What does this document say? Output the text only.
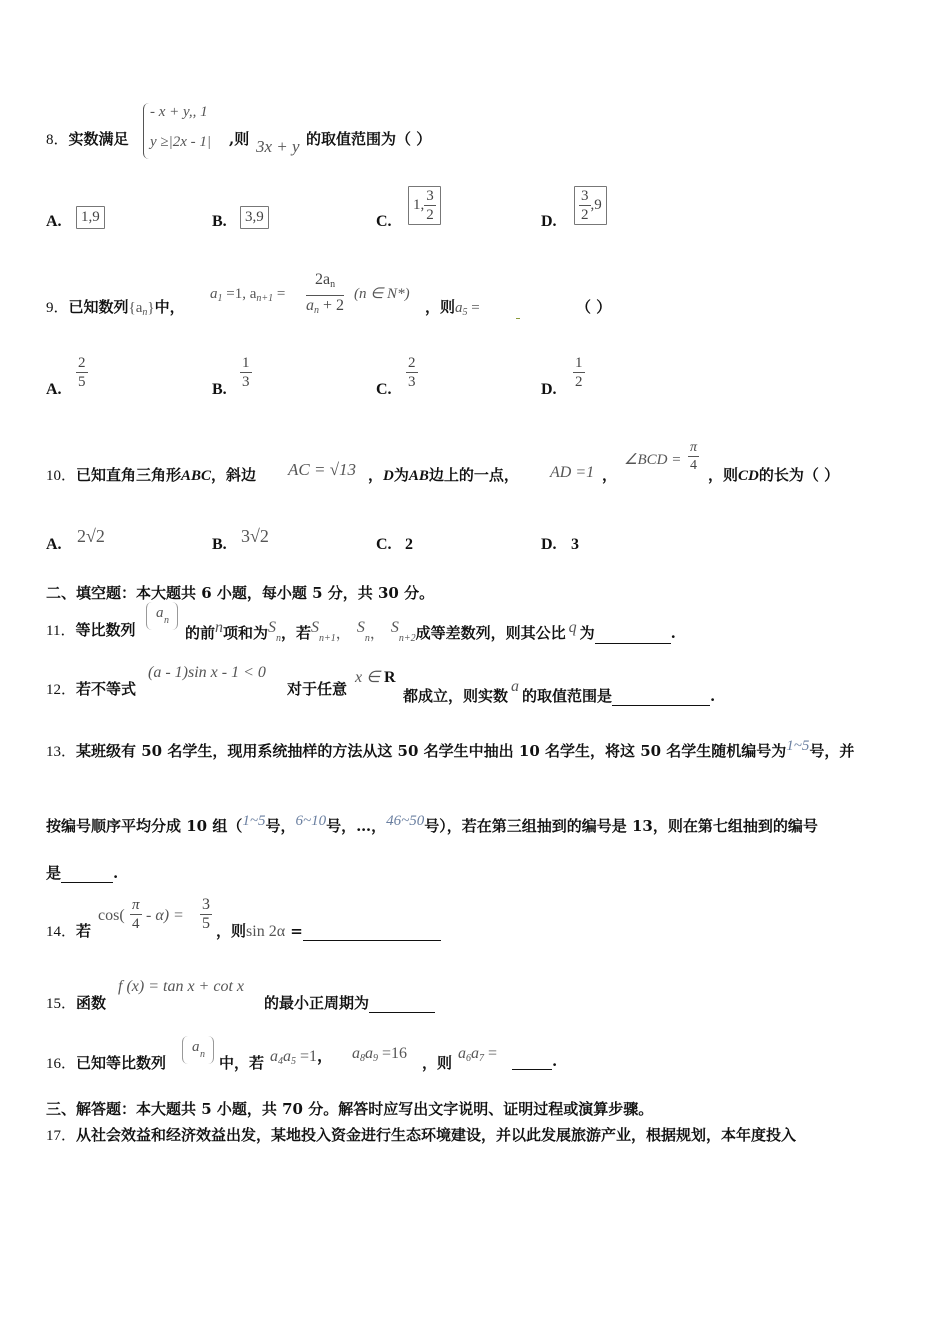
8．实数满足
- x + y,, 1
y ≥|2x - 1| ,则 3x + y 的取值范围为（ ）
A.	1,9	B.	3,9	C.
1, $\frac{3}{2}$	D. $\frac{3}{2} ,9$
9．已知数列$\{a_n\}$中，
$a_1 =1$, $a_{n+1} = \frac{2a_n}{a_n + 2} (n$ ∈ N*)
，则$a_5$ =	（ ）
A. $\frac{2}{5}$	B. $\frac{1}{3}$	C. $\frac{2}{3}$	D. $\frac{1}{2}$
10．已知直角三角形ABC，斜边 AC = √13 ，D为AB边上的一点， AD =1 ，
∠BCD = $\frac{\pi}{4}$ ，则CD的长为（ ）
A. 2√2	B. 3√2	C. 2	D. 3
二、填空题：本大题共 6 小题，每小题 5 分，共 30 分。
11．等比数列
a n
的前n项和为$S_n$，若$S_{n+1}$， $S_n$， $S_{n+2}$成等差数列，则其公比 q 为	.
12．若不等式
(a - 1)sin x - 1 < 0
对于任意
x ∈ R
都成立，则实数a的取值范围是	.
13．某班级有 50 名学生，现用系统抽样的方法从这 50 名学生中抽出 10 名学生，将这 50 名学生随机编号为1~5号，并
按编号顺序平均分成 10 组（1~5号，6~10号，…，46~50号），若在第三组抽到的编号是 13，则在第七组抽到的编号
是	.
14．若
$\cos( \frac{\pi}{4} - \alpha) = \frac{3}{5}$ ，则sin 2α =
15．函数
f (x) = tan x + cot x
的最小正周期为
16．已知等比数列
a n 中，若 $a_4a_5 =1$， $a_8a_9 =16$
，则
$a_6a_7$ =	.
三、解答题：本大题共 5 小题，共 70 分。解答时应写出文字说明、证明过程或演算步骤。
17．从社会效益和经济效益出发，某地投入资金进行生态环境建设，并以此发展旅游产业，根据规划，本年度投入
